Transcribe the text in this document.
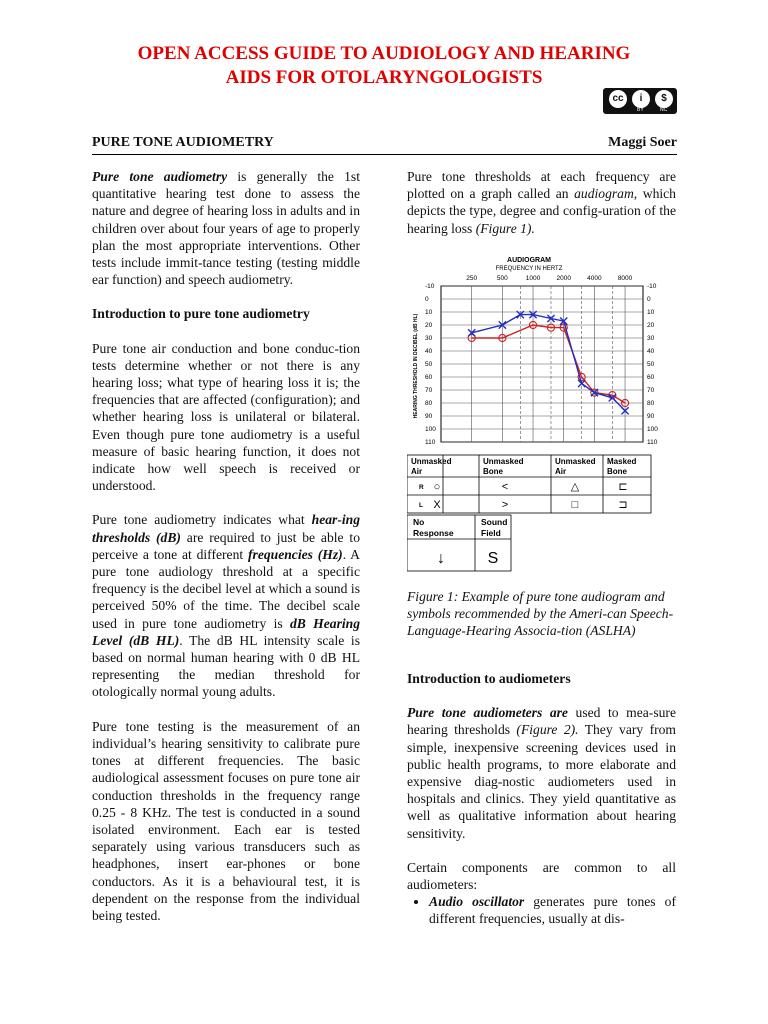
OPEN ACCESS GUIDE TO AUDIOLOGY AND HEARING
AIDS FOR OTOLARYNGOLOGISTS
cc	i	$
BY	NC
PURE TONE AUDIOMETRY	Maggi Soer

Pure tone audiometry is generally the 1st quantitative hearing test done to assess the nature and degree of hearing loss in adults and in children over about four years of age to properly plan the most appropriate interventions. Other tests include immit-tance testing (testing middle ear function) and speech audiometry.

Introduction to pure tone audiometry

Pure tone air conduction and bone conduc-tion tests determine whether or not there is any hearing loss; what type of hearing loss it is; the frequencies that are affected (configuration); and whether hearing loss is unilateral or bilateral. Even though pure tone audiometry is a useful measure of basic hearing function, it does not indicate how well speech is received or understood.

Pure tone audiometry indicates what hear-ing thresholds (dB) are required to just be able to perceive a tone at different frequencies (Hz). A pure tone audiology threshold at a specific frequency is the decibel level at which a sound is perceived 50% of the time. The decibel scale used in pure tone audiometry is dB Hearing Level (dB HL). The dB HL intensity scale is based on normal human hearing with 0 dB HL representing the median threshold for otologically normal young adults.

Pure tone testing is the measurement of an individual’s hearing sensitivity to calibrate pure tones at different frequencies. The basic audiological assessment focuses on pure tone air conduction thresholds in the frequency range 0.25 - 8 KHz. The test is conducted in a sound isolated environment. Each ear is tested separately using various transducers such as headphones, insert ear-phones or bone conductors. As it is a behavioural test, it is dependent on the response from the individual being tested.

Pure tone thresholds at each frequency are plotted on a graph called an audiogram, which depicts the type, degree and config-uration of the hearing loss (Figure 1).

AUDIOGRAM
FREQUENCY IN HERTZ
250	500	1000 2000 4000 8000
HEARING THRESHOLD IN DECIBEL (dB HL)
-10	-10
0	0
10	10
20	20
30	30
40	40
50	50
60	60
70	70
80	80
90	90
100	100
110	110
Unmasked
Air
Unmasked
Bone
Unmasked
Air
Masked
Bone
R ○	<	△	⊏
L X	>	□	⊐
No
Response
Sound
Field
↓	S
Figure 1: Example of pure tone audiogram and symbols recommended by the Ameri-can Speech-Language-Hearing Associa-tion (ASLHA)
Introduction to audiometers

Pure tone audiometers are used to mea-sure hearing thresholds (Figure 2). They vary from simple, inexpensive screening devices used in public health programs, to more elaborate and expensive diag-nostic audiometers used in hospitals and clinics. They yield quantitative as well as qualitative information about hearing sensitivity.

Certain components are common to all audiometers:

• Audio oscillator generates pure tones of different frequencies, usually at dis-
